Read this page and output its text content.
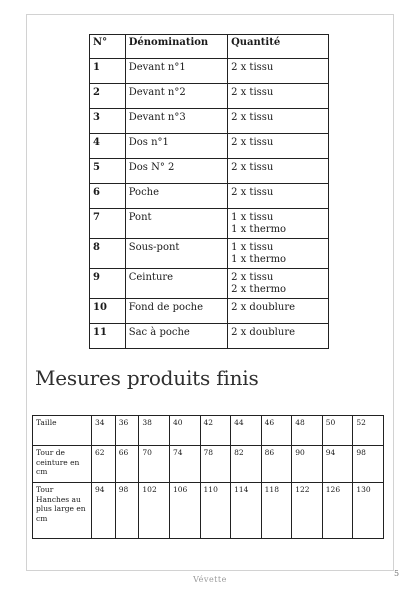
N°	Dénomination	Quantité
1	Devant n°1	2 x tissu

2	Devant n°2	2 x tissu

3	Devant n°3	2 x tissu

4	Dos n°1	2 x tissu

5	Dos N° 2	2 x tissu

6	Poche	2 x tissu

7	Pont	1 x tissu
1 x thermo

8	Sous-pont	1 x tissu
1 x thermo

9	Ceinture	2 x tissu
2 x thermo

10	Fond de poche	2 x doublure

11	Sac à poche	2 x doublure
Mesures produits finis
Taille	34	36	38	40	42	44	46	48	50	52
Tour de ceinture en cm	62	66	70	74	78	82	86	90	94	98
Tour Hanches au plus large en cm	94	98	102	106	110	114	118	122	126	130
Vévette
5
